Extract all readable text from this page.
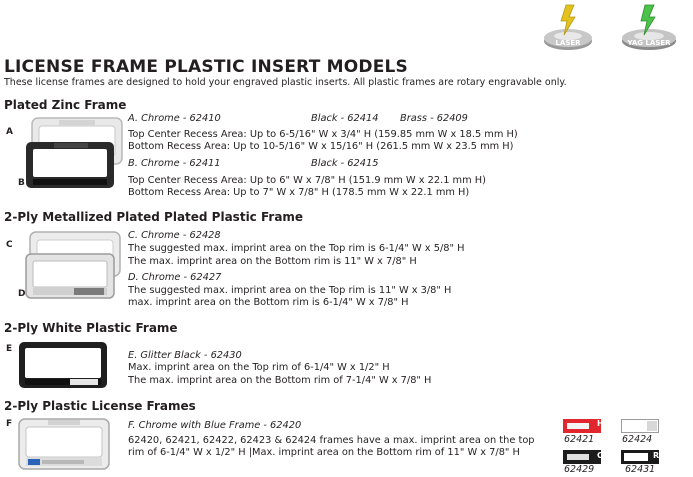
LASER	YAG LASER
LICENSE FRAME PLASTIC INSERT MODELS
These license frames are designed to hold your engraved plastic inserts. All plastic frames are rotary engravable only.
Plated Zinc Frame
A
B
A. Chrome - 62410	Black - 62414 Brass - 62409
Top Center Recess Area: Up to 6-5/16" W x 3/4" H (159.85 mm W x 18.5 mm H)
Bottom Recess Area: Up to 10-5/16" W x 15/16" H (261.5 mm W x 23.5 mm H)
B. Chrome - 62411	Black - 62415
Top Center Recess Area: Up to 6" W x 7/8" H (151.9 mm W x 22.1 mm H)
Bottom Recess Area: Up to 7" W x 7/8" H (178.5 mm W x 22.1 mm H)
2-Ply Metallized Plated Plated Plastic Frame
C
D
C. Chrome - 62428
The suggested max. imprint area on the Top rim is 6-1/4" W x 5/8" H
The max. imprint area on the Bottom rim is 11" W x 7/8" H
D. Chrome - 62427
The suggested max. imprint area on the Top rim is 11" W x 3/8" H
max. imprint area on the Bottom rim is 6-1/4" W x 7/8" H
2-Ply White Plastic Frame
E
E. Glitter Black - 62430
Max. imprint area on the Top rim of 6-1/4" W x 1/2" H
The max. imprint area on the Bottom rim of 7-1/4" W x 7/8" H
2-Ply Plastic License Frames
F	F. Chrome with Blue Frame - 62420
62420, 62421, 62422, 62423 & 62424 frames have a max. imprint area on the top
rim of 6-1/4" W x 1/2" H |Max. imprint area on the Bottom rim of 11" W x 7/8" H
H
62421	62424
C
62429
R
62431
